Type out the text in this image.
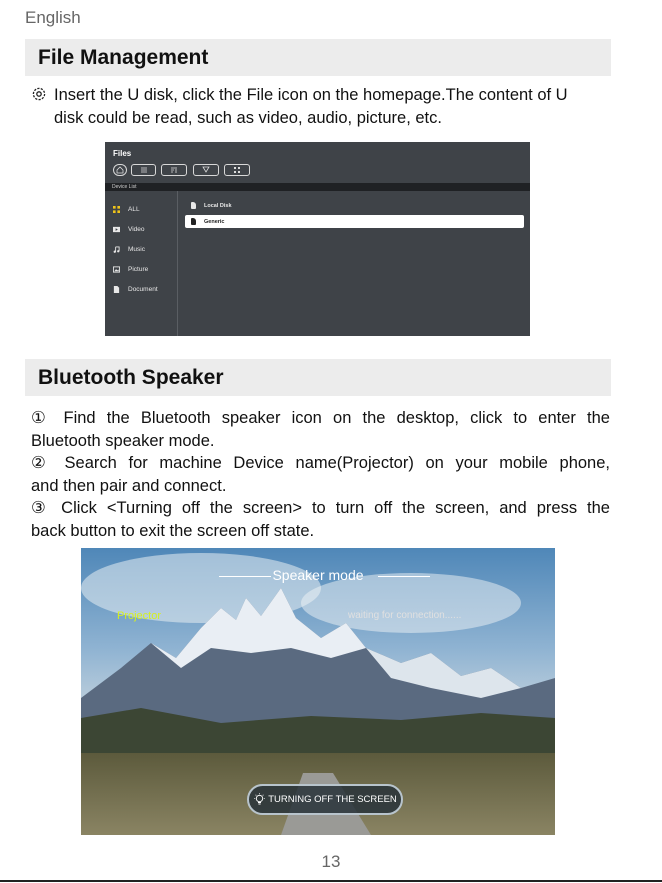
English
File Management
Insert the U disk, click the File icon on the homepage.The content of U
disk could be read, such as video, audio, picture, etc.
Files
Device List
ALL
Video
Music
Picture
Document
Local Disk
Generic
Bluetooth Speaker
① Find the Bluetooth speaker icon on the desktop, click to enter the
Bluetooth speaker mode.
② Search for machine Device name(Projector) on your mobile phone,
and then pair and connect.
③ Click <Turning off the screen> to turn off the screen, and press the
back button to exit the screen off state.
Speaker mode
Projector	waiting for connection......
TURNING OFF THE SCREEN
13
